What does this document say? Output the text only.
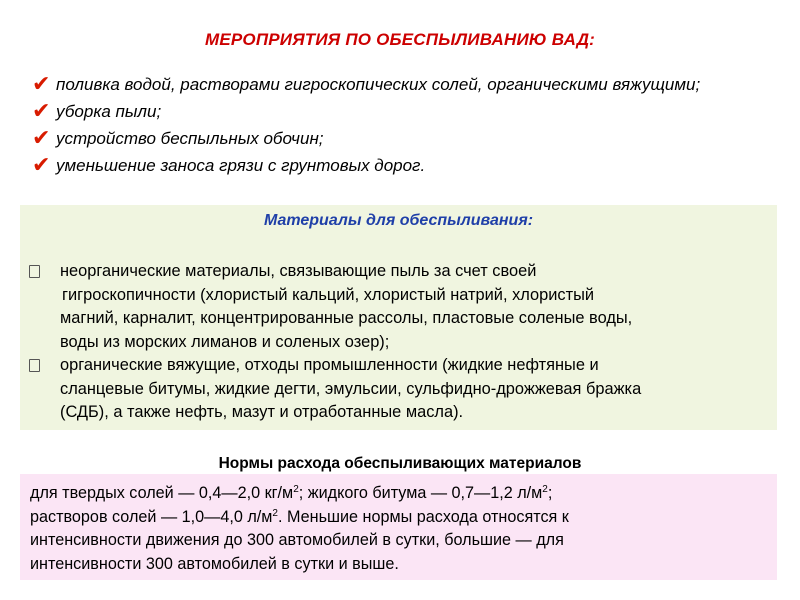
МЕРОПРИЯТИЯ ПО ОБЕСПЫЛИВАНИЮ ВАД:
✔ поливка водой, растворами гигроскопических солей, органическими вяжущими;
✔ уборка пыли;
✔ устройство беспыльных обочин;
✔ уменьшение заноса грязи с грунтовых дорог.
Материалы для обеспыливания:
неорганические материалы, связывающие пыль за счет своей
гигроскопичности (хлористый кальций, хлористый натрий, хлористый
магний, карналит, концентрированные рассолы, пластовые соленые воды,
воды из морских лиманов и соленых озер);
органические вяжущие, отходы промышленности (жидкие нефтяные и
сланцевые битумы, жидкие дегти, эмульсии, сульфидно-дрожжевая бражка
(СДБ), а также нефть, мазут и отработанные масла).
Нормы расхода обеспыливающих материалов
для твердых солей — 0,4—2,0 $кг/м^2$; жидкого битума — 0,7—1,2 $л/м^2$;
растворов солей — 1,0—4,0 $л/м^2$. Меньшие нормы расхода относятся к
интенсивности движения до 300 автомобилей в сутки, большие — для
интенсивности 300 автомобилей в сутки и выше.
